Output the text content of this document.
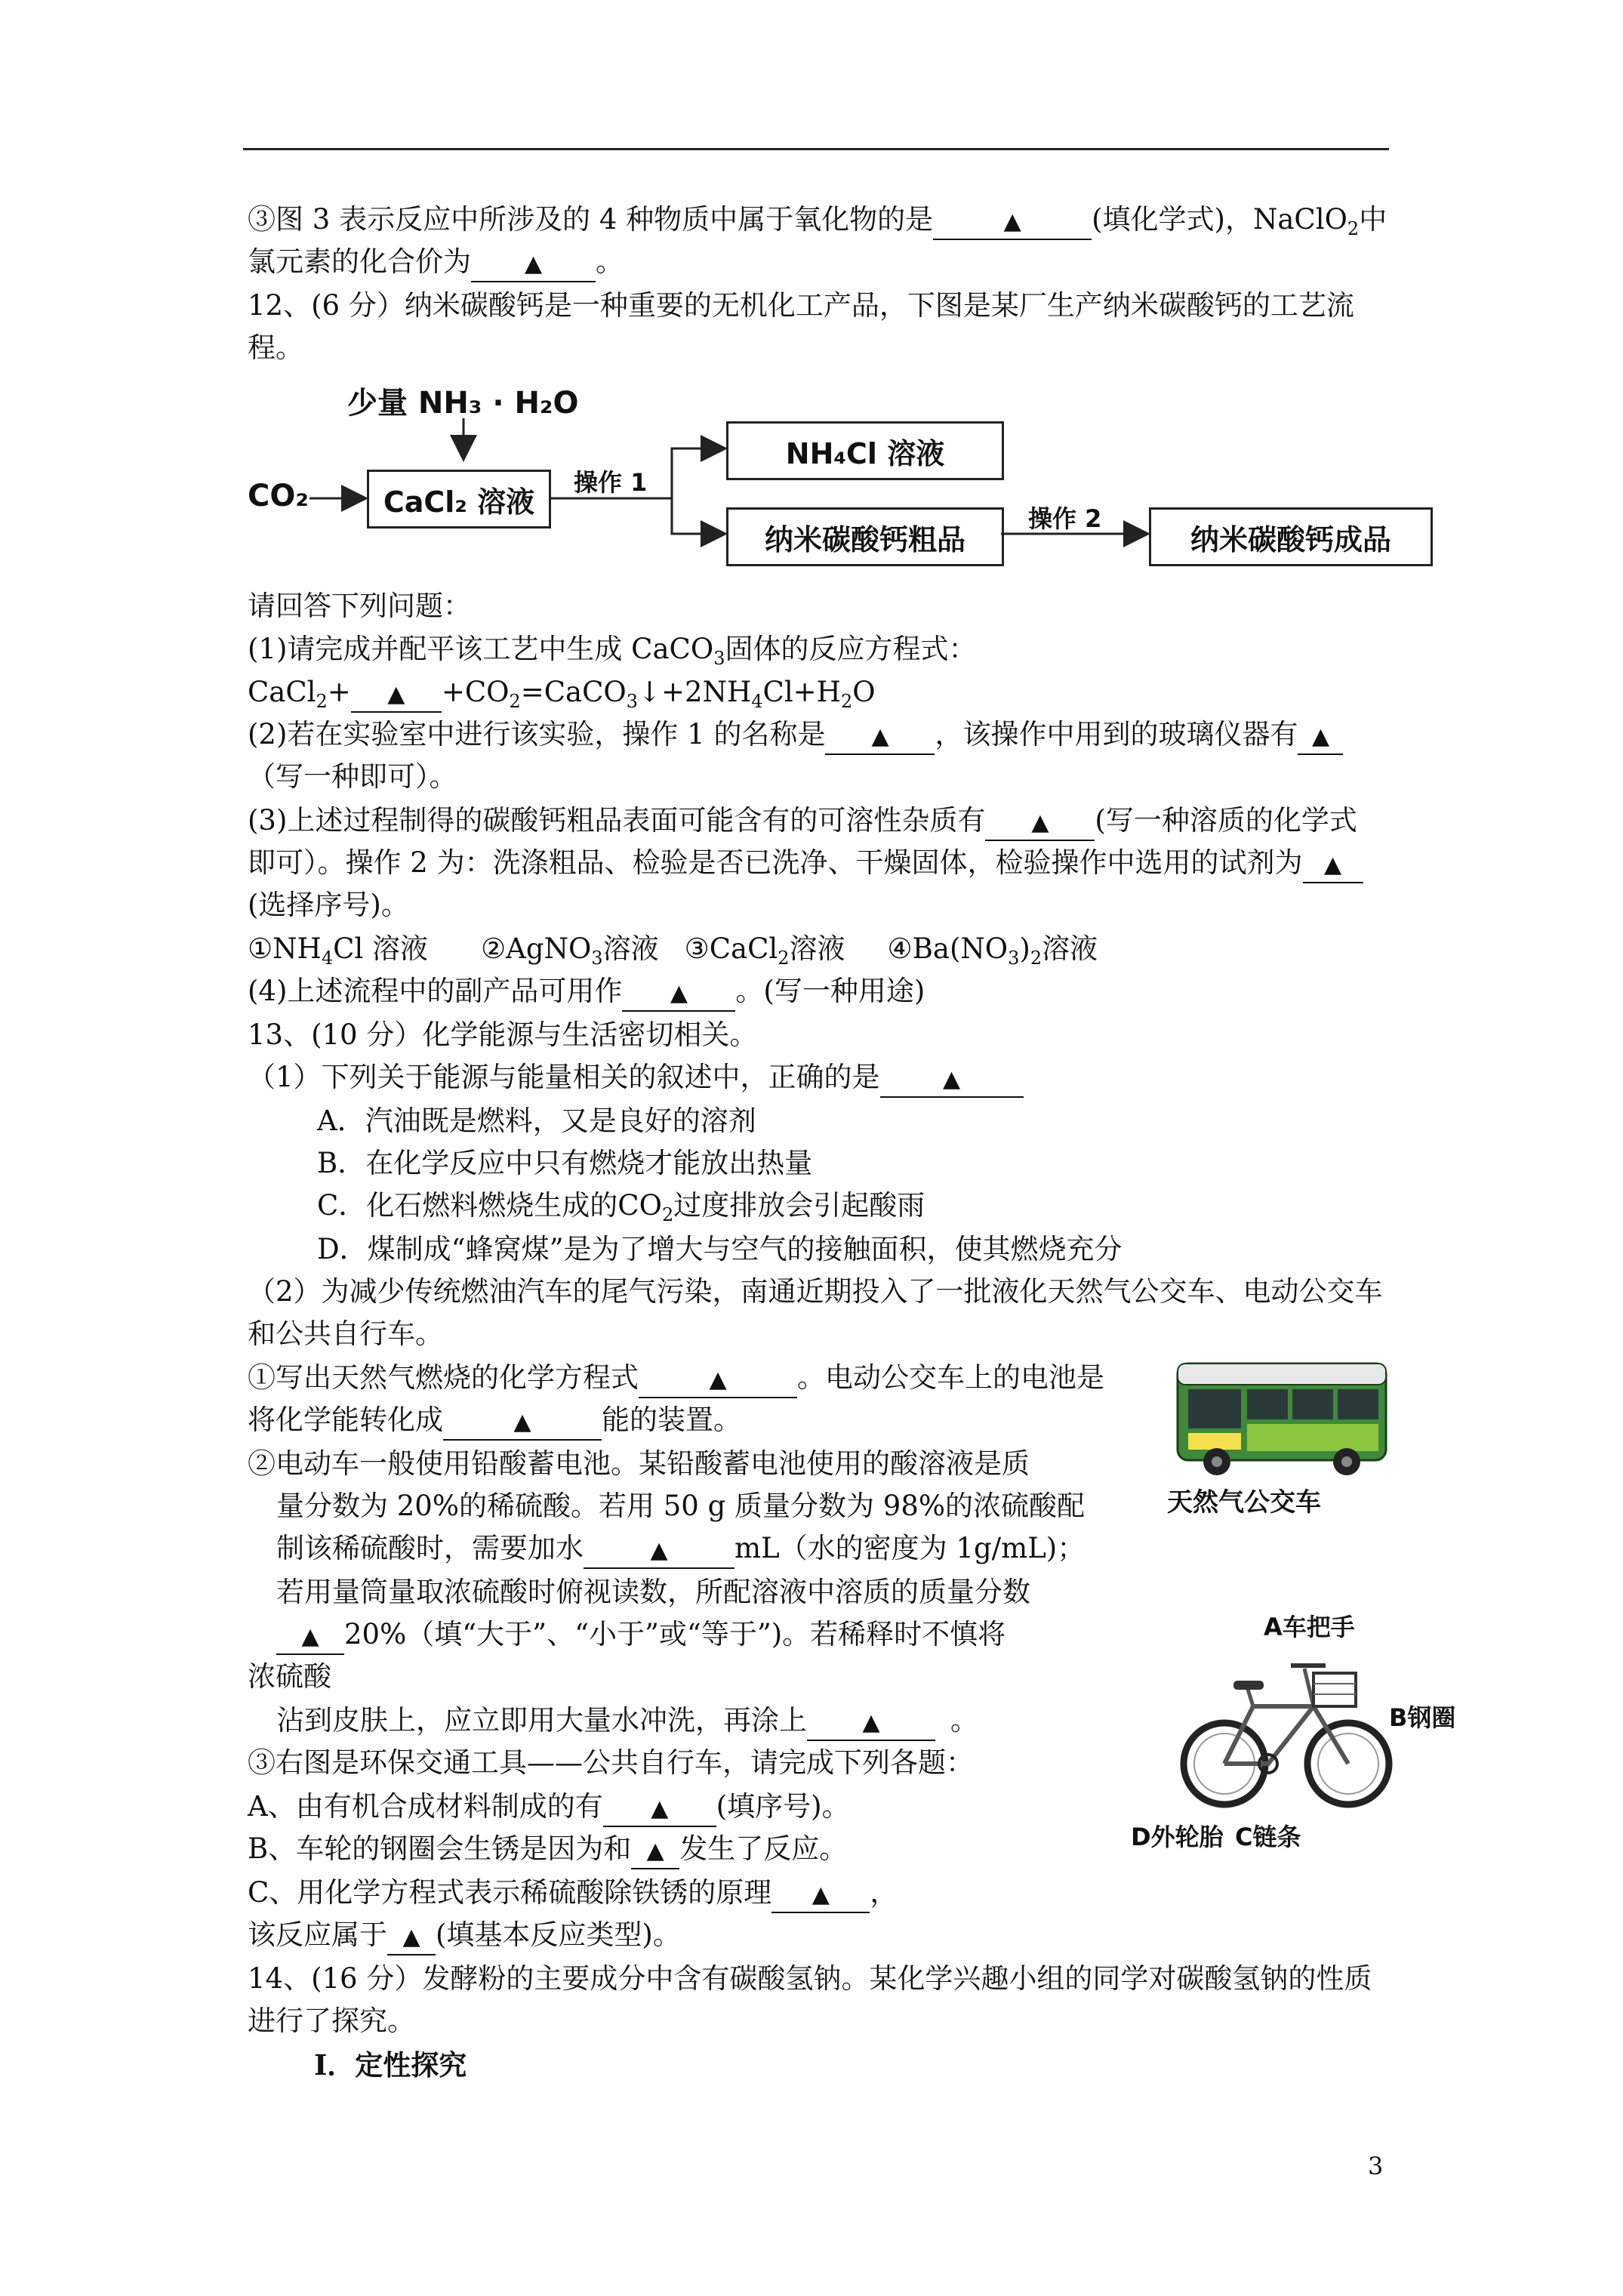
③图 3 表示反应中所涉及的 4 种物质中属于氧化物的是	▲	(填化学式)，NaClO$_2$中
氯元素的化合价为 ▲ 。
12、(6 分）纳米碳酸钙是一种重要的无机化工产品，下图是某厂生产纳米碳酸钙的工艺流
程。
少量 NH₃ · H₂O
CO₂	CaCl₂ 溶液
操作 1
NH₄Cl 溶液
纳米碳酸钙粗品
操作 2
纳米碳酸钙成品
请回答下列问题：
(1)请完成并配平该工艺中生成 CaCO$_3$固体的反应方程式：
CaCl$_2$+ ▲ $+CO_2=CaCO_3↓+2NH_4Cl+H_2O$
(2)若在实验室中进行该实验，操作 1 的名称是 ▲ ，该操作中用到的玻璃仪器有 ▲
（写一种即可）。
(3)上述过程制得的碳酸钙粗品表面可能含有的可溶性杂质有 ▲ (写一种溶质的化学式
即可）。操作 2 为：洗涤粗品、检验是否已洗净、干燥固体，检验操作中选用的试剂为 ▲
(选择序号)。
$①NH_4Cl$ 溶液 ②AgNO$_3$溶液 ③CaCl$_2$溶液 $④Ba(NO_3)_2$溶液
(4)上述流程中的副产品可用作 ▲ 。(写一种用途)
13、(10 分）化学能源与生活密切相关。
（1）下列关于能源与能量相关的叙述中，正确的是	▲
A．汽油既是燃料，又是良好的溶剂
B．在化学反应中只有燃烧才能放出热量
C．化石燃料燃烧生成的$CO_2$过度排放会引起酸雨
D．煤制成“蜂窝煤”是为了增大与空气的接触面积，使其燃烧充分
（2）为减少传统燃油汽车的尾气污染，南通近期投入了一批液化天然气公交车、电动公交车
和公共自行车。
①写出天然气燃烧的化学方程式	▲	。电动公交车上的电池是
将化学能转化成	▲	能的装置。
②电动车一般使用铅酸蓄电池。某铅酸蓄电池使用的酸溶液是质
量分数为 20%的稀硫酸。若用 50 g 质量分数为 98%的浓硫酸配
制该稀硫酸时，需要加水	▲ mL（水的密度为 1g/mL)；
若用量筒量取浓硫酸时俯视读数，所配溶液中溶质的质量分数
▲ 20%（填“大于”、“小于”或“等于”)。若稀释时不慎将
浓硫酸
沾到皮肤上，应立即用大量水冲洗，再涂上 ▲	。
③右图是环保交通工具——公共自行车，请完成下列各题：
A、由有机合成材料制成的有 ▲ (填序号)。
B、车轮的钢圈会生锈是因为和 ▲ 发生了反应。
C、用化学方程式表示稀硫酸除铁锈的原理 ▲ ，
该反应属于 ▲ (填基本反应类型)。
天然气公交车
A车把手
B钢圈
D外轮胎 C链条
14、(16 分）发酵粉的主要成分中含有碳酸氢钠。某化学兴趣小组的同学对碳酸氢钠的性质
进行了探究。
Ⅰ．定性探究
3
